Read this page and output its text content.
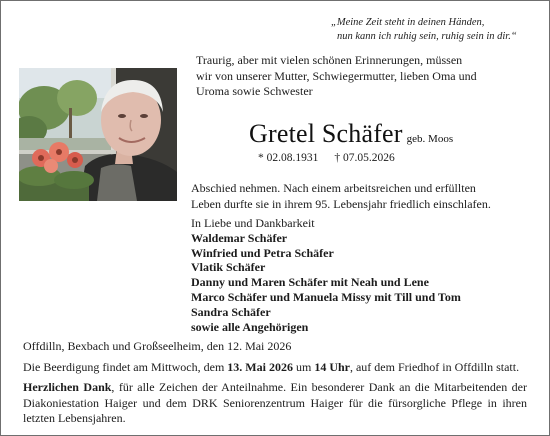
„Meine Zeit steht in deinen Händen,
nun kann ich ruhig sein, ruhig sein in dir.“
Traurig, aber mit vielen schönen Erinnerungen, müssen
wir von unserer Mutter, Schwiegermutter, lieben Oma und
Uroma sowie Schwester
Gretel Schäfer geb. Moos
* 02.08.1931 † 07.05.2026
Abschied nehmen. Nach einem arbeitsreichen und erfüllten
Leben durfte sie in ihrem 95. Lebensjahr friedlich einschlafen.
In Liebe und Dankbarkeit
Waldemar Schäfer
Winfried und Petra Schäfer
Vlatik Schäfer
Danny und Maren Schäfer mit Neah und Lene
Marco Schäfer und Manuela Missy mit Till und Tom
Sandra Schäfer
sowie alle Angehörigen
Offdilln, Bexbach und Großseelheim, den 12. Mai 2026
Die Beerdigung findet am Mittwoch, dem 13. Mai 2026 um 14 Uhr, auf dem Friedhof in Offdilln statt.
Herzlichen Dank, für alle Zeichen der Anteilnahme. Ein besonderer Dank an die Mitarbeitenden der Diakoniestation Haiger und dem DRK Seniorenzentrum Haiger für die fürsorgliche Pflege in ihren letzten Lebensjahren.
